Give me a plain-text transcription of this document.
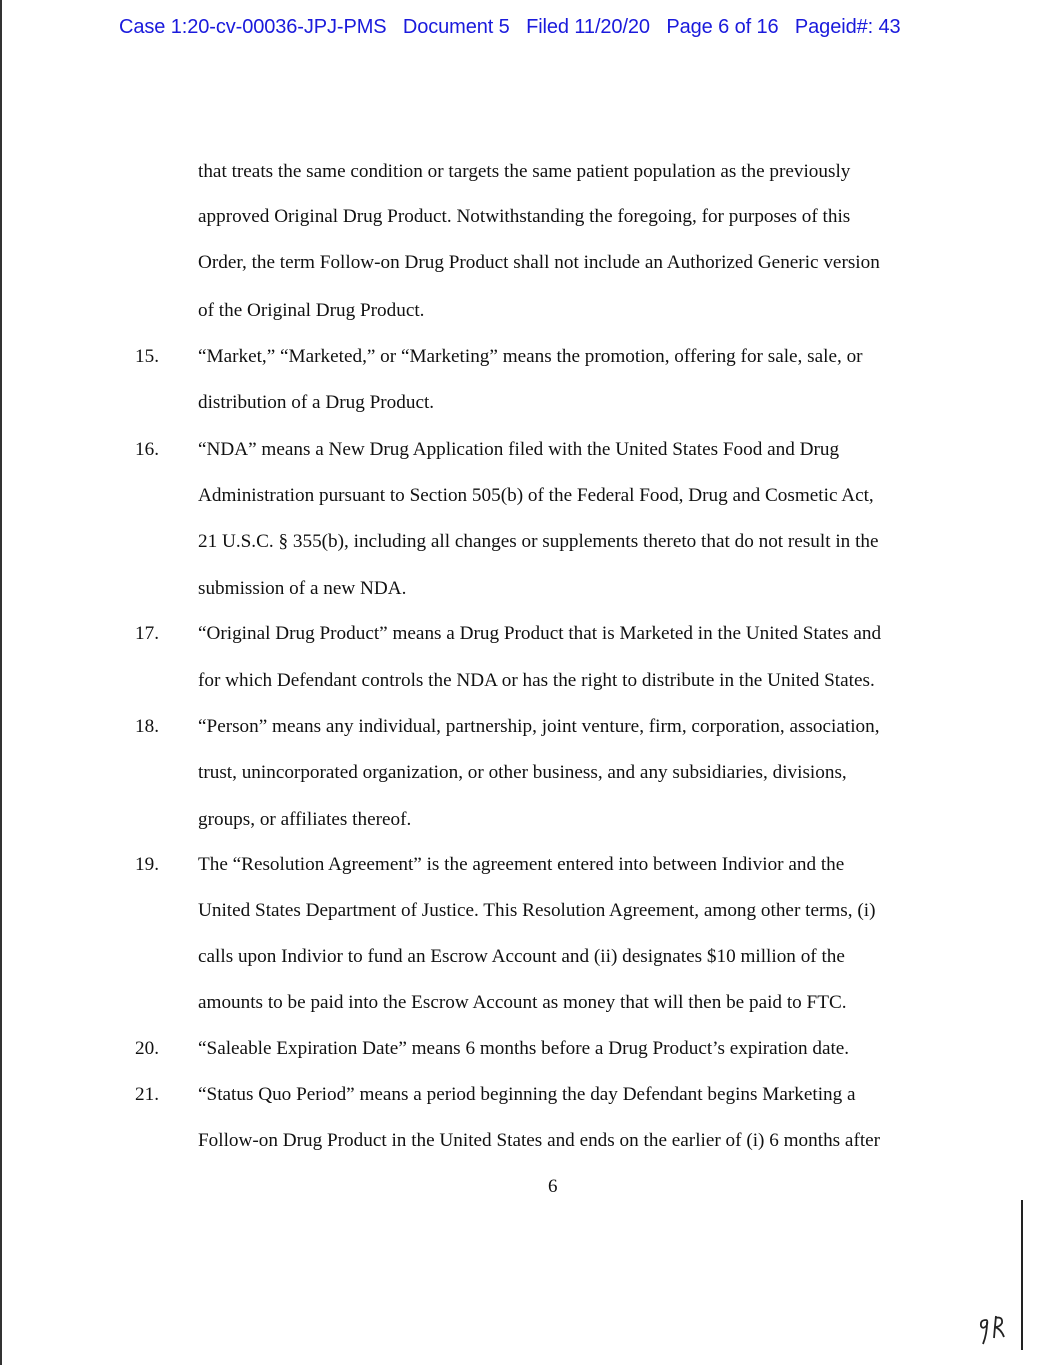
Case 1:20-cv-00036-JPJ-PMS   Document 5   Filed 11/20/20   Page 6 of 16   Pageid#: 43
that treats the same condition or targets the same patient population as the previously
approved Original Drug Product. Notwithstanding the foregoing, for purposes of this
Order, the term Follow-on Drug Product shall not include an Authorized Generic version
of the Original Drug Product.
15. “Market,” “Marketed,” or “Marketing” means the promotion, offering for sale, sale, or
distribution of a Drug Product.
16. “NDA” means a New Drug Application filed with the United States Food and Drug
Administration pursuant to Section 505(b) of the Federal Food, Drug and Cosmetic Act,
21 U.S.C. § 355(b), including all changes or supplements thereto that do not result in the
submission of a new NDA.
17. “Original Drug Product” means a Drug Product that is Marketed in the United States and
for which Defendant controls the NDA or has the right to distribute in the United States.
18. “Person” means any individual, partnership, joint venture, firm, corporation, association,
trust, unincorporated organization, or other business, and any subsidiaries, divisions,
groups, or affiliates thereof.
19. The “Resolution Agreement” is the agreement entered into between Indivior and the
United States Department of Justice. This Resolution Agreement, among other terms, (i)
calls upon Indivior to fund an Escrow Account and (ii) designates $10 million of the
amounts to be paid into the Escrow Account as money that will then be paid to FTC.
20. “Saleable Expiration Date” means 6 months before a Drug Product’s expiration date.
21. “Status Quo Period” means a period beginning the day Defendant begins Marketing a
Follow-on Drug Product in the United States and ends on the earlier of (i) 6 months after
6
